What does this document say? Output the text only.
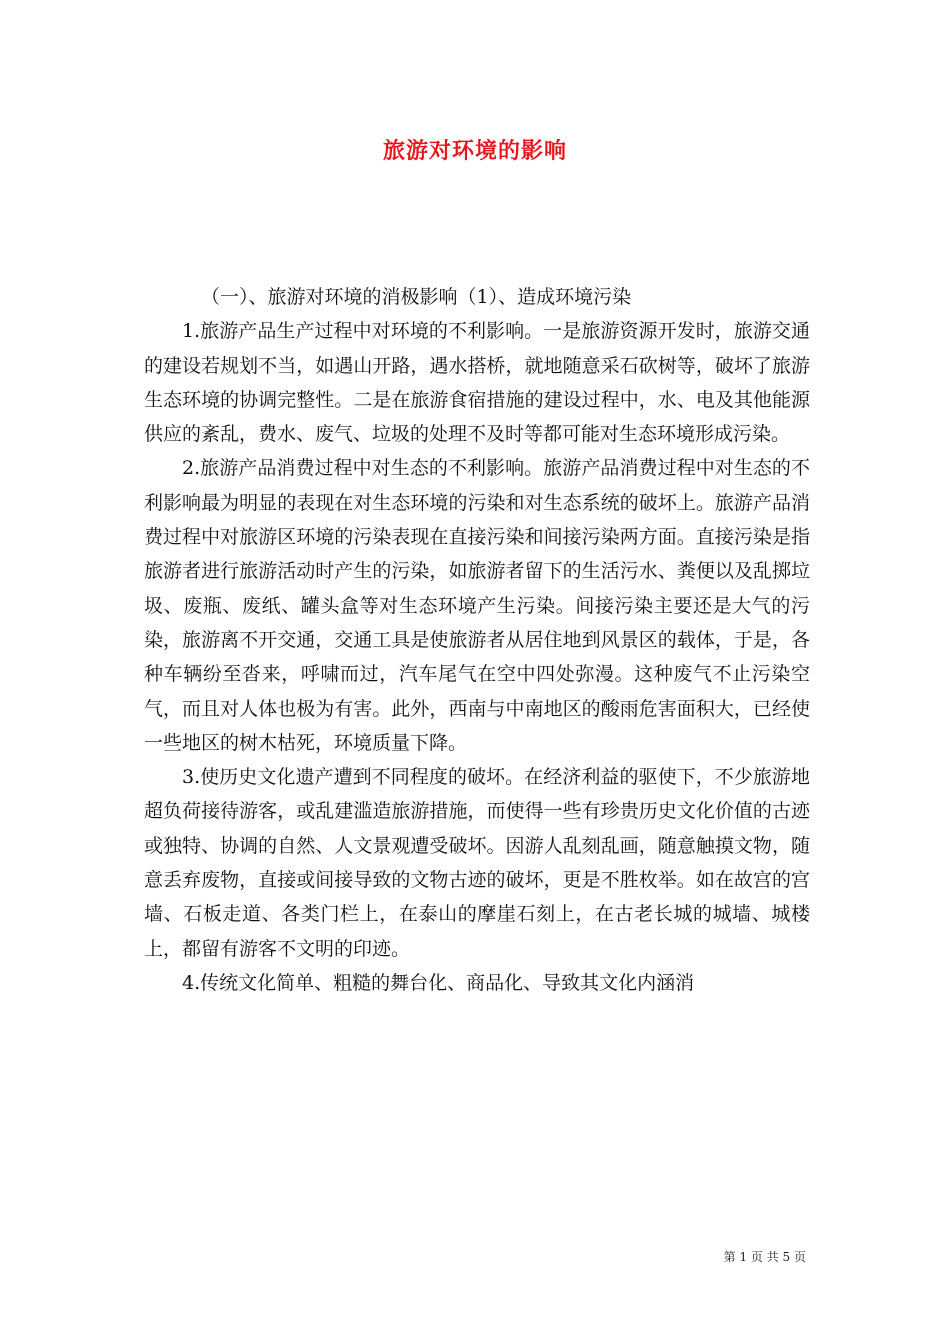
旅游对环境的影响

（一）、旅游对环境的消极影响（1）、造成环境污染

1.旅游产品生产过程中对环境的不利影响。一是旅游资源开发时，旅游交通的建设若规划不当，如遇山开路，遇水搭桥，就地随意采石砍树等，破坏了旅游生态环境的协调完整性。二是在旅游食宿措施的建设过程中，水、电及其他能源供应的紊乱，费水、废气、垃圾的处理不及时等都可能对生态环境形成污染。

2.旅游产品消费过程中对生态的不利影响。旅游产品消费过程中对生态的不利影响最为明显的表现在对生态环境的污染和对生态系统的破坏上。旅游产品消费过程中对旅游区环境的污染表现在直接污染和间接污染两方面。直接污染是指旅游者进行旅游活动时产生的污染，如旅游者留下的生活污水、粪便以及乱掷垃圾、废瓶、废纸、罐头盒等对生态环境产生污染。间接污染主要还是大气的污染，旅游离不开交通，交通工具是使旅游者从居住地到风景区的载体，于是，各种车辆纷至沓来，呼啸而过，汽车尾气在空中四处弥漫。这种废气不止污染空气，而且对人体也极为有害。此外，西南与中南地区的酸雨危害面积大，已经使一些地区的树木枯死，环境质量下降。

3.使历史文化遗产遭到不同程度的破坏。在经济利益的驱使下，不少旅游地超负荷接待游客，或乱建滥造旅游措施，而使得一些有珍贵历史文化价值的古迹或独特、协调的自然、人文景观遭受破坏。因游人乱刻乱画，随意触摸文物，随意丢弃废物，直接或间接导致的文物古迹的破坏，更是不胜枚举。如在故宫的宫墙、石板走道、各类门栏上，在泰山的摩崖石刻上，在古老长城的城墙、城楼上，都留有游客不文明的印迹。

4.传统文化简单、粗糙的舞台化、商品化、导致其文化内涵消

第 1 页 共 5 页
